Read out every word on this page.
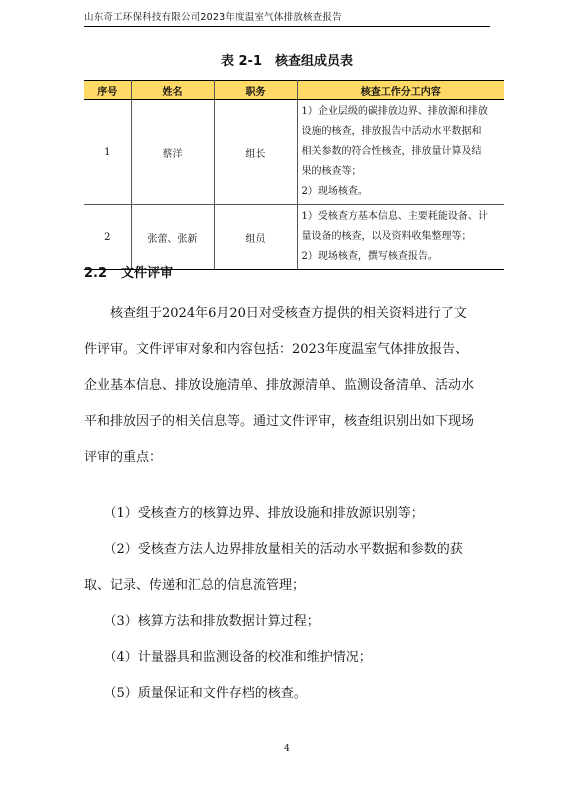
山东奇工环保科技有限公司2023年度温室气体排放核查报告
表 2-1　核查组成员表
序号	姓名	职务	核查工作分工内容
1	蔡洋	组长	1）企业层级的碳排放边界、排放源和排放
设施的核查，排放报告中活动水平数据和
相关参数的符合性核查，排放量计算及结
果的核查等；
2）现场核查。

2	张蕾、张新	组员	1）受核查方基本信息、主要耗能设备、计
量设备的核查，以及资料收集整理等；
2）现场核查，撰写核查报告。
2.2 文件评审
　　核查组于2024年6月20日对受核查方提供的相关资料进行了文
件评审。文件评审对象和内容包括：2023年度温室气体排放报告、
企业基本信息、排放设施清单、排放源清单、监测设备清单、活动水
平和排放因子的相关信息等。通过文件评审，核查组识别出如下现场
评审的重点：
　　（1）受核查方的核算边界、排放设施和排放源识别等；
　　（2）受核查方法人边界排放量相关的活动水平数据和参数的获
取、记录、传递和汇总的信息流管理；
　　（3）核算方法和排放数据计算过程；
　　（4）计量器具和监测设备的校准和维护情况；
　　（5）质量保证和文件存档的核查。
4
